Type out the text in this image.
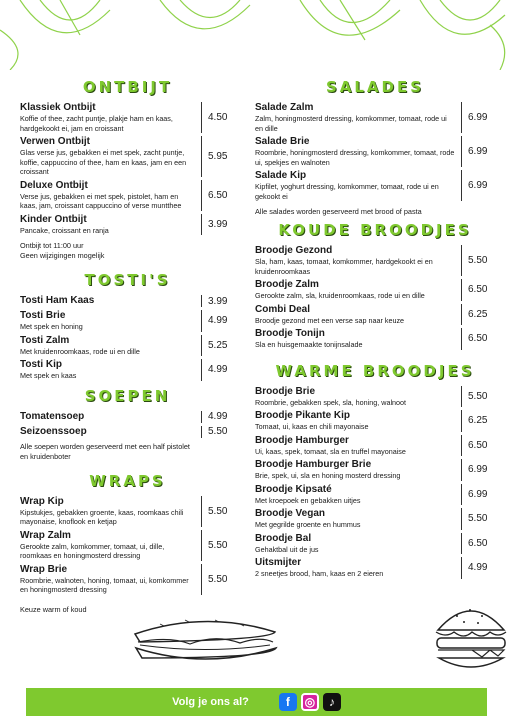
ONTBIJT
Klassiek Ontbijt
Koffie of thee, zacht puntje, plakje ham en kaas, hardgekookt ei, jam en croissant
4.50
Verwen Ontbijt
Glas verse jus, gebakken ei met spek, zacht puntje, koffie, cappuccino of thee, ham en kaas, jam en een croissant
5.95
Deluxe Ontbijt
Verse jus, gebakken ei met spek, pistolet, ham en kaas, jam, croissant cappuccino of verse muntthee
6.50
Kinder Ontbijt
Pancake, croissant en ranja
3.99
Ontbijt tot 11:00 uur
Geen wijzigingen mogelijk
TOSTI'S
Tosti Ham Kaas	3.99
Tosti Brie
Met spek en honing
4.99
Tosti Zalm
Met kruidenroomkaas, rode ui en dille
5.25
Tosti Kip
Met spek en kaas
4.99
SOEPEN
Tomatensoep	4.99
Seizoenssoep	5.50
Alle soepen worden geserveerd met een half pistolet en kruidenboter
WRAPS
Wrap Kip
Kipstukjes, gebakken groente, kaas, roomkaas chili mayonaise, knoflook en ketjap
5.50
Wrap Zalm
Gerookte zalm, komkommer, tomaat, ui, dille, roomkaas en honingmosterd dressing
5.50
Wrap Brie
Roombrie, walnoten, honing, tomaat, ui, komkommer en honingmosterd dressing
5.50
Keuze warm of koud
SALADES
Salade Zalm
Zalm, honingmosterd dressing, komkommer, tomaat, rode ui en dille
6.99
Salade Brie
Roombrie, honingmosterd dressing, komkommer, tomaat, rode ui, spekjes en walnoten
6.99
Salade Kip
Kipfilet, yoghurt dressing, komkommer, tomaat, rode ui en gekookt ei
6.99
Alle salades worden geserveerd met brood of pasta
KOUDE BROODJES
Broodje Gezond
Sla, ham, kaas, tomaat, komkommer, hardgekookt ei en kruidenroomkaas
5.50
Broodje Zalm
Gerookte zalm, sla, kruidenroomkaas, rode ui en dille
6.50
Combi Deal
Broodje gezond met een verse sap naar keuze
6.25
Broodje Tonijn
Sla en huisgemaakte tonijnsalade
6.50
WARME BROODJES
Broodje Brie
Roombrie, gebakken spek, sla, honing, walnoot
5.50
Broodje Pikante Kip
Tomaat, ui, kaas en chili mayonaise
6.25
Broodje Hamburger
Ui, kaas, spek, tomaat, sla en truffel mayonaise
6.50
Broodje Hamburger Brie
Brie, spek, ui, sla en honing mosterd dressing
6.99
Broodje Kipsaté
Met kroepoek en gebakken uitjes
6.99
Broodje Vegan
Met gegrilde groente en hummus
5.50
Broodje Bal
Gehaktbal uit de jus
6.50
Uitsmijter
2 sneetjes brood, ham, kaas en 2 eieren
4.99
Volg je ons al?	f	◎	♪
